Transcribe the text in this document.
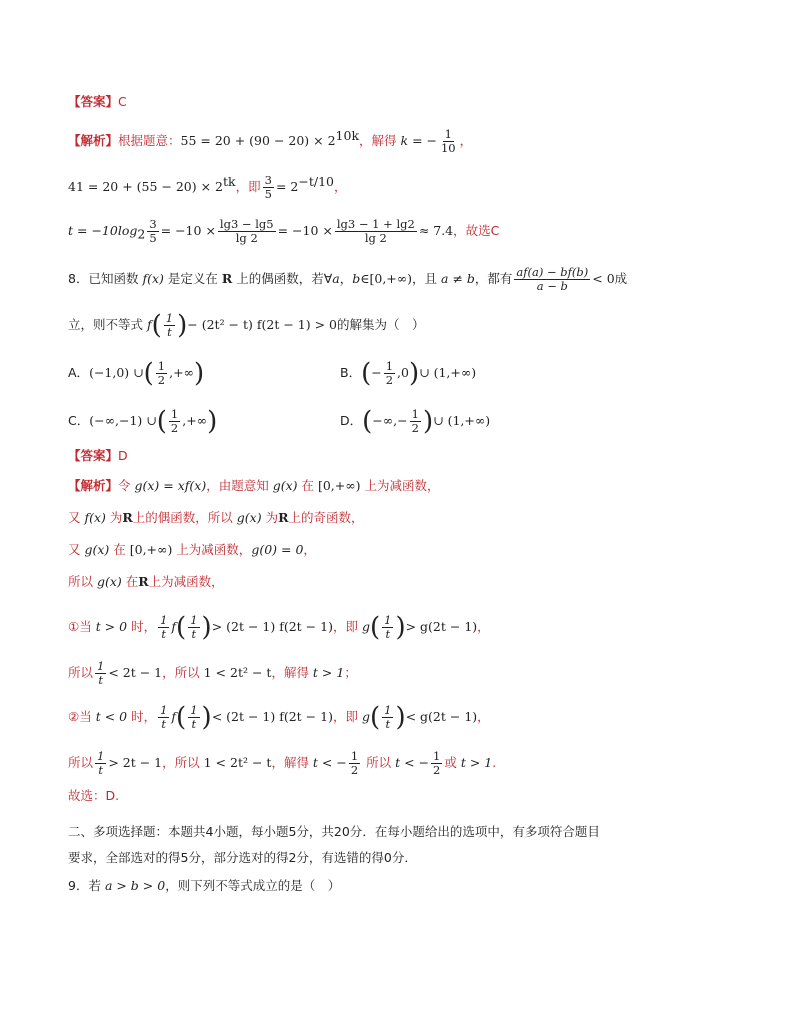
【答案】C
【解析】根据题意：$55 = 20 + (90 - 20) \times 2^{10k}$，解得 k = − $\frac{1}{10}$ ，
$41 = 20 + (55 - 20) \times 2^{tk}$，即 $\frac{3}{5} = 2^{-t/10}$，
$t = -10\log_2 \frac{3}{5} = -10 \times \frac{\lg 3 - \lg 5}{\lg 2} = -10 \times \frac{\lg 3 - 1 + \lg 2}{\lg 2} \approx 7.4$，故选C
8．已知函数 f(x) 是定义在 R 上的偶函数，若∀a，b∈[0,+∞)，且 a ≠ b，都有 $\frac{af(a) - bf(b)}{a - b} < 0$成
立，则不等式 $f( \frac{1}{t}$ )− (2t² − t) f(2t − 1) > 0的解集为（　）
A．(−1,0) ∪( $\frac{1}{2}$ ,+∞)	B．(− $\frac{1}{2}$ ,0)∪ (1,+∞)
C．(−∞,−1) ∪( $\frac{1}{2}$ ,+∞)	D．(−∞,− $\frac{1}{2}$ )∪ (1,+∞)
【答案】D
【解析】令 g(x) = xf(x)，由题意知 g(x) 在 [0,+∞) 上为减函数，
又 f(x) 为R上的偶函数，所以 g(x) 为R上的奇函数，
又 g(x) 在 [0,+∞) 上为减函数，g(0) = 0，
所以 g(x) 在R上为减函数，
①当 t > 0 时， $\frac{1}{t} f( \frac{1}{t}$ )> (2t − 1) f(2t − 1)，即 $g( \frac{1}{t}$ )> g(2t − 1)，
所以 $\frac{1}{t} < 2t - 1$，所以 1 < 2t² − t，解得 t > 1；
②当 t < 0 时， $\frac{1}{t} f( \frac{1}{t}$ )< (2t − 1) f(2t − 1)，即 $g( \frac{1}{t}$ )< g(2t − 1)，
所以 $\frac{1}{t} > 2t - 1$，所以 1 < 2t² − t，解得 t < − $\frac{1}{2}$ 所以 t < − $\frac{1}{2}$ 或 t > 1.
故选：D.
二、多项选择题：本题共4小题，每小题5分，共20分．在每小题给出的选项中，有多项符合题目
要求，全部选对的得5分，部分选对的得2分，有选错的得0分．
9．若 a > b > 0，则下列不等式成立的是（　）
